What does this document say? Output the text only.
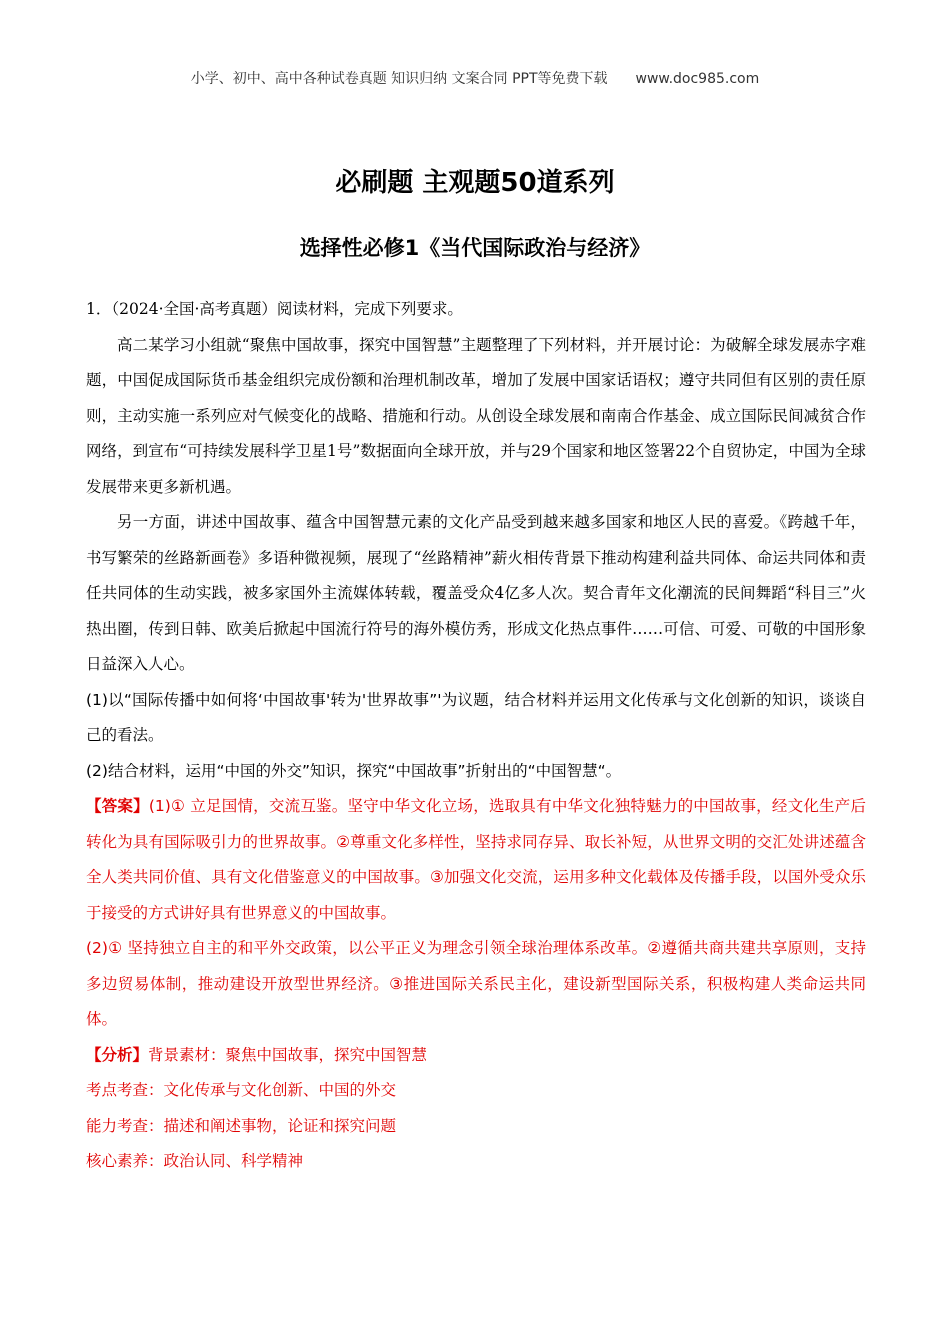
小学、初中、高中各种试卷真题 知识归纳 文案合同 PPT等免费下载 www.doc985.com
必刷题 主观题50道系列
选择性必修1《当代国际政治与经济》

1．（2024·全国·高考真题）阅读材料，完成下列要求。

高二某学习小组就“聚焦中国故事，探究中国智慧”主题整理了下列材料，并开展讨论：为破解全球发展赤字难题，中国促成国际货币基金组织完成份额和治理机制改革，增加了发展中国家话语权；遵守共同但有区别的责任原则，主动实施一系列应对气候变化的战略、措施和行动。从创设全球发展和南南合作基金、成立国际民间减贫合作网络，到宣布“可持续发展科学卫星1号”数据面向全球开放，并与29个国家和地区签署22个自贸协定，中国为全球发展带来更多新机遇。

另一方面，讲述中国故事、蕴含中国智慧元素的文化产品受到越来越多国家和地区人民的喜爱。《跨越千年，书写繁荣的丝路新画卷》多语种微视频，展现了“丝路精神”薪火相传背景下推动构建利益共同体、命运共同体和责任共同体的生动实践，被多家国外主流媒体转载，覆盖受众4亿多人次。契合青年文化潮流的民间舞蹈“科目三”火热出圈，传到日韩、欧美后掀起中国流行符号的海外模仿秀，形成文化热点事件……可信、可爱、可敬的中国形象日益深入人心。

(1)以“国际传播中如何将‘中国故事'转为'世界故事”'为议题，结合材料并运用文化传承与文化创新的知识，谈谈自己的看法。

(2)结合材料，运用“中国的外交”知识，探究“中国故事”折射出的“中国智慧“。

【答案】(1)① 立足国情，交流互鉴。坚守中华文化立场，选取具有中华文化独特魅力的中国故事，经文化生产后转化为具有国际吸引力的世界故事。②尊重文化多样性，坚持求同存异、取长补短，从世界文明的交汇处讲述蕴含全人类共同价值、具有文化借鉴意义的中国故事。③加强文化交流，运用多种文化载体及传播手段，以国外受众乐于接受的方式讲好具有世界意义的中国故事。

(2)① 坚持独立自主的和平外交政策，以公平正义为理念引领全球治理体系改革。②遵循共商共建共享原则，支持多边贸易体制，推动建设开放型世界经济。③推进国际关系民主化，建设新型国际关系，积极构建人类命运共同体。

【分析】背景素材：聚焦中国故事，探究中国智慧

考点考查：文化传承与文化创新、中国的外交

能力考查：描述和阐述事物，论证和探究问题

核心素养：政治认同、科学精神
